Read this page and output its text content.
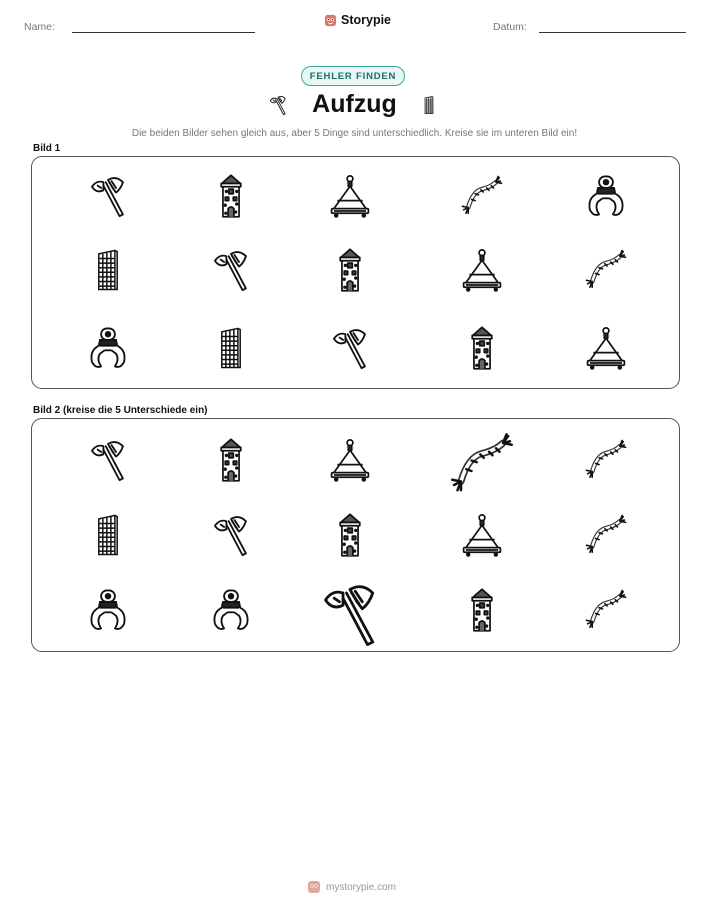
Name:	Storypie	Datum:
FEHLER FINDEN
Aufzug
Die beiden Bilder sehen gleich aus, aber 5 Dinge sind unterschiedlich. Kreise sie im unteren Bild ein!
Bild 1
Bild 2 (kreise die 5 Unterschiede ein)
mystorypie.com
